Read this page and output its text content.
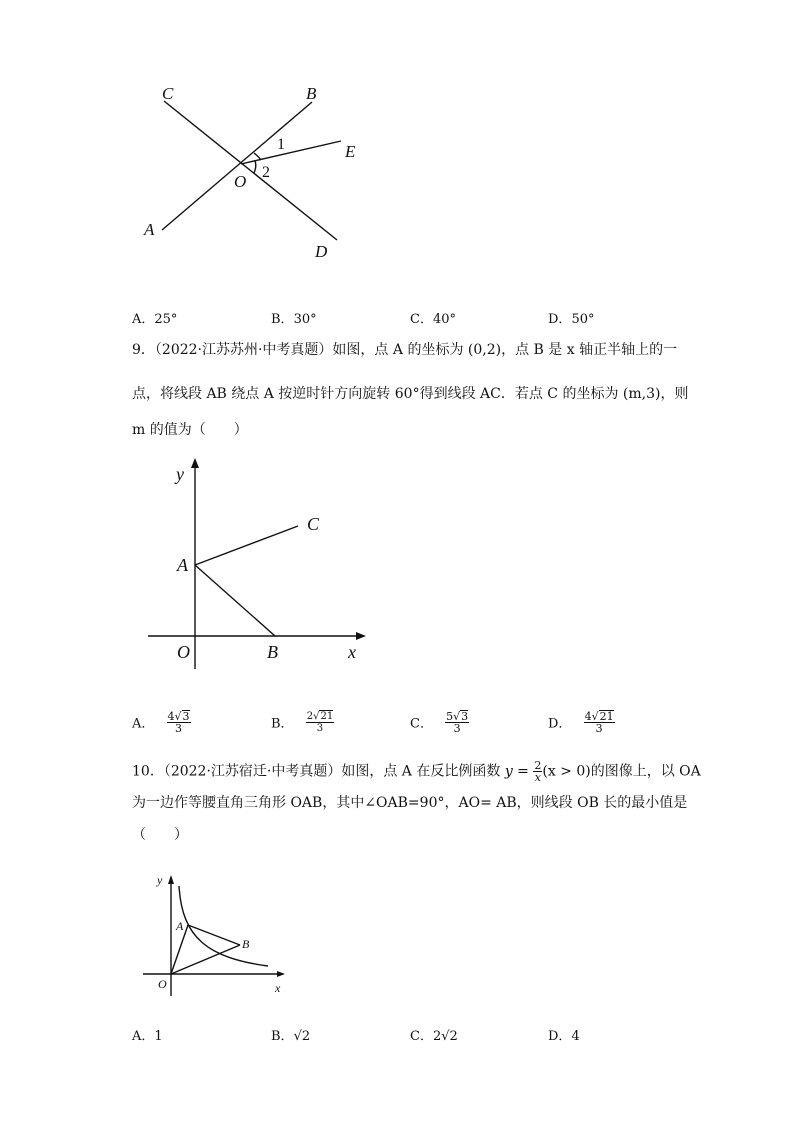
C	B
E
O
A
D
1
2
A．25°	B．30°	C．40°	D．50°
9．（2022·江苏苏州·中考真题）如图，点 A 的坐标为 (0,2)，点 B 是 x 轴正半轴上的一
点，将线段 AB 绕点 A 按逆时针方向旋转 60°得到线段 AC．若点 C 的坐标为 (m,3)，则
m 的值为（　　）
y
C
A
O	B	x
A． $\frac{4√3}{3}$	B． $\frac{2√21}{3}$	C． $\frac{5√3}{3}$	D． $\frac{4√21}{3}$
10．（2022·江苏宿迁·中考真题）如图，点 A 在反比例函数 $y = \frac{2}{x} (x > 0)$的图像上，以 OA
为一边作等腰直角三角形 OAB，其中∠OAB=90°，AO= AB，则线段 OB 长的最小值是
（　　）
y
A
B
O	x
A．1	B．√2	C．2√2	D．4
